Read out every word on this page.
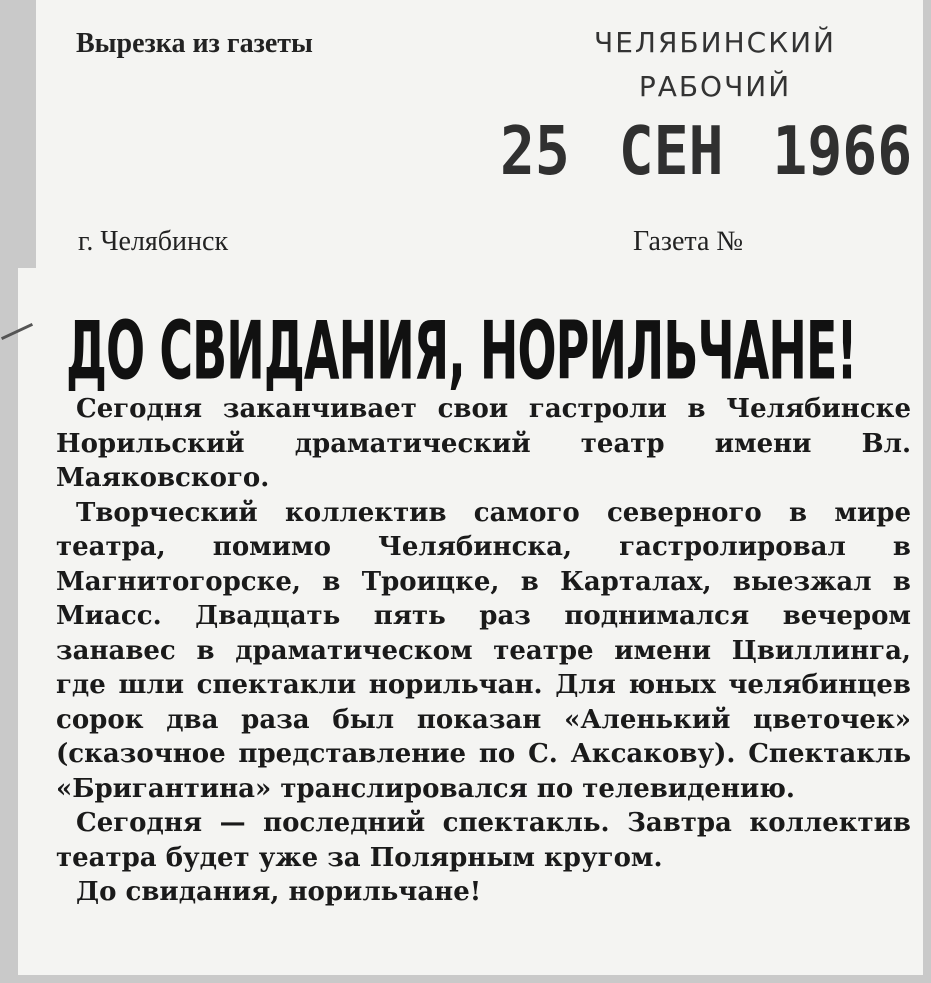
Вырезка из газеты	ЧЕЛЯБИНСКИЙ
РАБОЧИЙ
25 СЕН 1966
г. Челябинск	Газета №
ДО СВИДАНИЯ, НОРИЛЬЧАНЕ!

Сегодня заканчивает свои гастроли в Челябинске Норильский драматический театр имени Вл. Маяковского.

Творческий коллектив самого северного в мире театра, помимо Челябинска, гастролировал в Магнитогорске, в Троицке, в Карталах, выезжал в Миасс. Двадцать пять раз поднимался вечером занавес в драматическом театре имени Цвиллинга, где шли спектакли норильчан. Для юных челябинцев сорок два раза был показан «Аленький цветочек» (сказочное представление по С. Аксакову). Спектакль «Бригантина» транслировался по телевидению.

Сегодня — последний спектакль. Завтра коллектив театра будет уже за Полярным кругом.

До свидания, норильчане!
